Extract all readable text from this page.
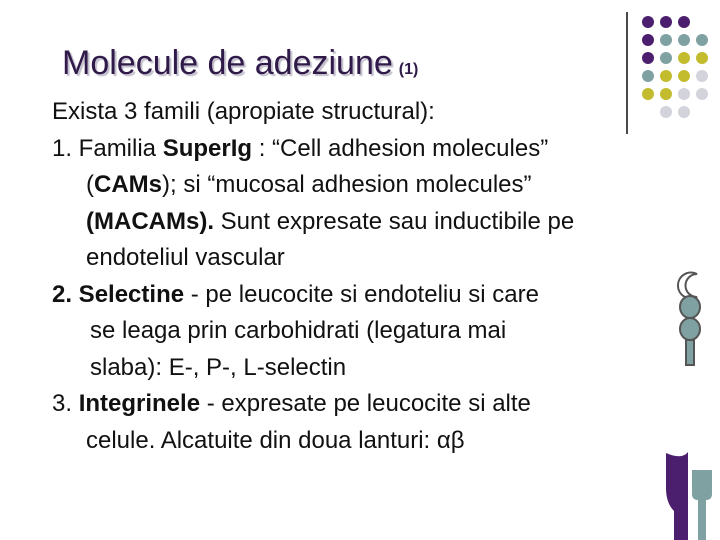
Molecule de adeziune (1)
Exista 3 famili (apropiate structural):
1. Familia SuperIg : “Cell adhesion molecules”
(CAMs); si “mucosal adhesion molecules”
(MACAMs). Sunt expresate sau inductibile pe
endoteliul vascular
2. Selectine - pe leucocite si endoteliu si care
se leaga prin carbohidrati (legatura mai
slaba): E-, P-, L-selectin
3. Integrinele - expresate pe leucocite si alte
celule. Alcatuite din doua lanturi: αβ
